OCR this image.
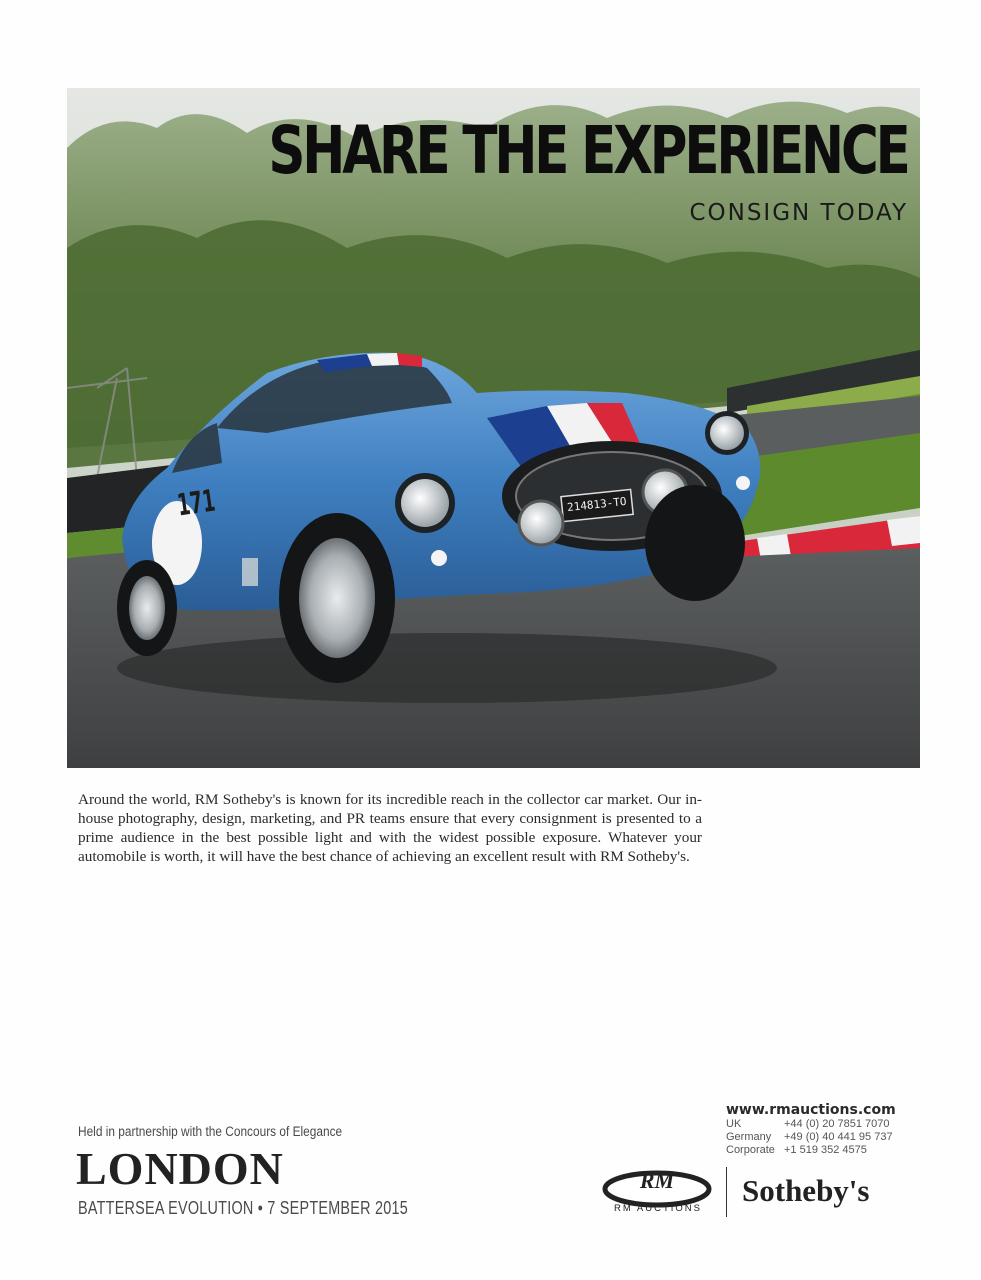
171	214813-TO
SHARE THE EXPERIENCE
CONSIGN TODAY

Around the world, RM Sotheby's is known for its incredible reach in the collector car market. Our in-house photography, design, marketing, and PR teams ensure that every consignment is presented to a prime audience in the best possible light and with the widest possible exposure. Whatever your automobile is worth, it will have the best chance of achieving an excellent result with RM Sotheby's.

Held in partnership with the Concours of Elegance
LONDON
BATTERSEA EVOLUTION • 7 SEPTEMBER 2015
www.rmauctions.com
UK	+44 (0) 20 7851 7070
Germany	+49 (0) 40 441 95 737
Corporate +1 519 352 4575
RM
RM AUCTIONS
Sotheby's
